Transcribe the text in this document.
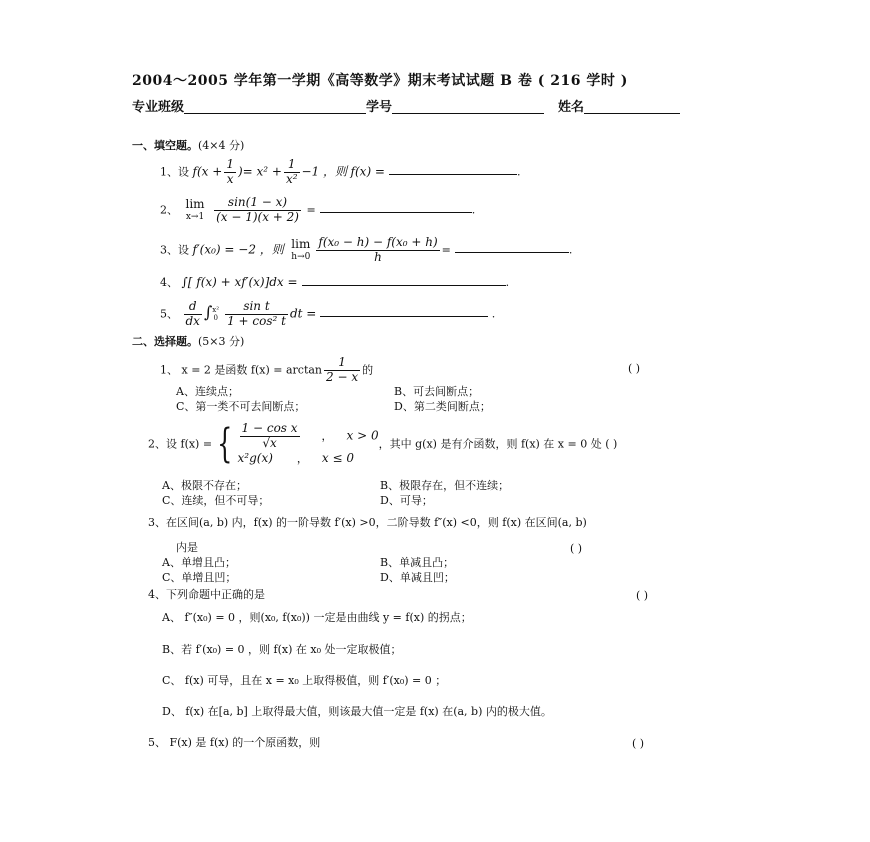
2004～2005 学年第一学期《高等数学》期末考试试题 B 卷 ( 216 学时 )
专业班级	学号	姓名
一、填空题。(4×4 分)
1、设 $f(x + \frac{1}{x}$ )= $x^2 + \frac{1}{\text{x²}} -1$ ，则 f(x) =	.
2、 lim
x→1
$\frac{\sin(1 - x)}{(x - 1)(x + 2)}$ =	.
3、设 f′(x₀) = −2 ，则 lim
$h\to 0 \frac{\text{f(x₀ − h) − f(x₀ + h)}}{h}$ =	.
4、 ∫[ f(x) + xf′(x)]dx =	.
5、 $\frac{d}{dx}$ ∫ x²
$0 \frac{\text{sin t}}{\text{1 + cos² t}}$ dt =	.
二、选择题。(5×3 分)
1、 x = 2 是函数 $f(x) = \arctan \frac{1}{2 - x}$ 的	( )
A、连续点；	B、可去间断点；
C、第一类不可去间断点；	D、第二类间断点；
2、设 f(x) = { $\frac{\text{1 − cos x}}{√x}$ ， x > 0
x²g(x) ， x ≤ 0
，其中 g(x) 是有介函数，则 f(x) 在 x = 0 处 ( )
A、极限不存在；	B、极限存在，但不连续；
C、连续，但不可导；	D、可导；
3、在区间(a, b) 内，f(x) 的一阶导数 f′(x) >0，二阶导数 f″(x) <0，则 f(x) 在区间(a, b)
内是	( )
A、单增且凸；	B、单减且凸；
C、单增且凹；	D、单减且凹；
4、下列命题中正确的是	( )
A、 f″(x₀) = 0 ，则(x₀, f(x₀)) 一定是由曲线 y = f(x) 的拐点；
B、若 f′(x₀) = 0 ，则 f(x) 在 x₀ 处一定取极值；
C、 f(x) 可导，且在 x = x₀ 上取得极值，则 f′(x₀) = 0 ；
D、 f(x) 在[a, b] 上取得最大值，则该最大值一定是 f(x) 在(a, b) 内的极大值。
5、 F(x) 是 f(x) 的一个原函数，则	( )
